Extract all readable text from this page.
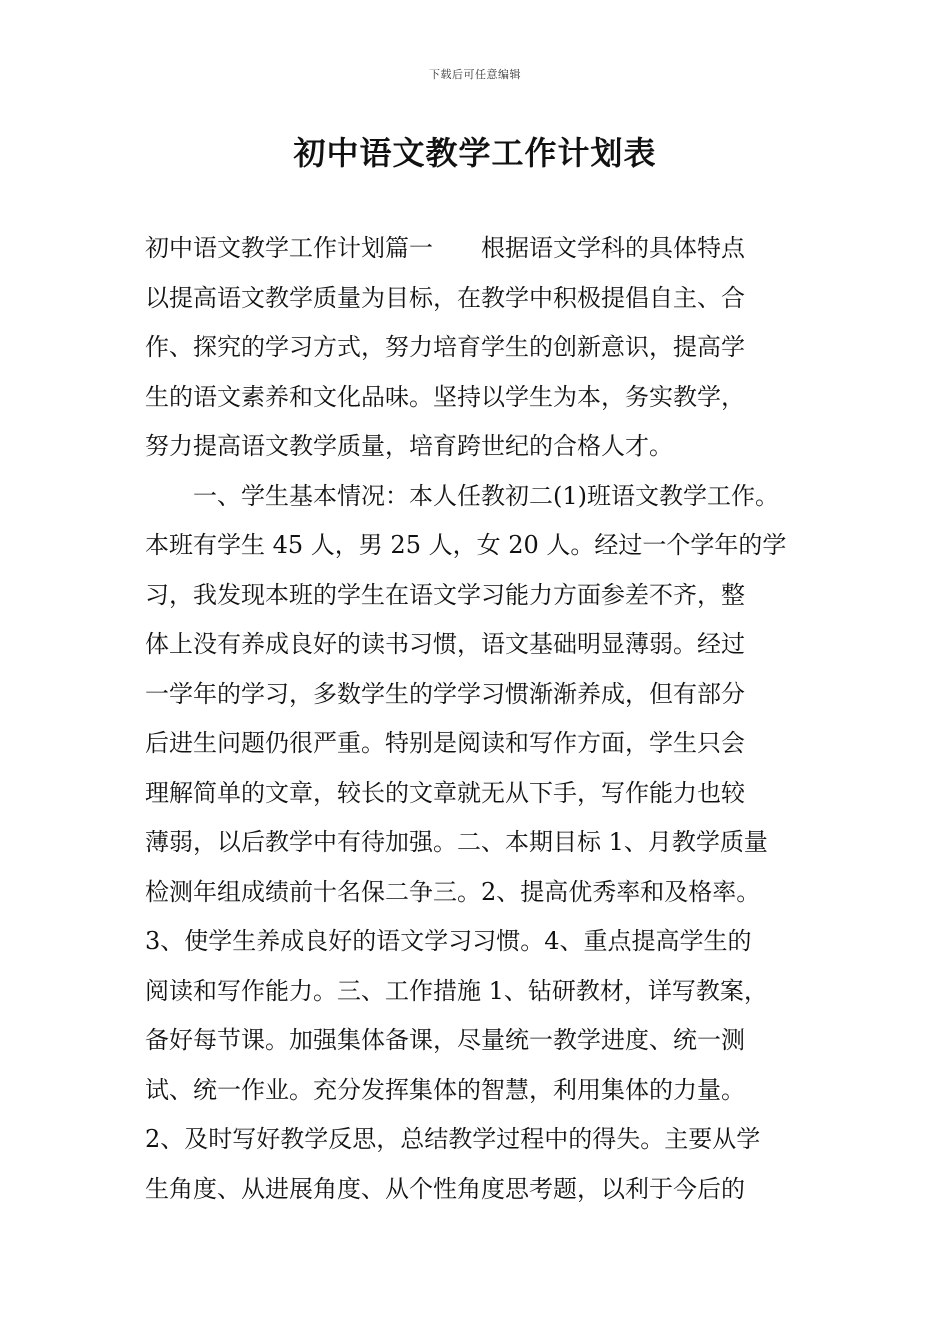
下载后可任意编辑
初中语文教学工作计划表
初中语文教学工作计划篇一　　根据语文学科的具体特点
以提高语文教学质量为目标，在教学中积极提倡自主、合
作、探究的学习方式，努力培育学生的创新意识，提高学
生的语文素养和文化品味。坚持以学生为本，务实教学，
努力提高语文教学质量，培育跨世纪的合格人才。
　　一、学生基本情况：本人任教初二(1)班语文教学工作。
本班有学生 45 人，男 25 人，女 20 人。经过一个学年的学
习，我发现本班的学生在语文学习能力方面参差不齐，整
体上没有养成良好的读书习惯，语文基础明显薄弱。经过
一学年的学习，多数学生的学学习惯渐渐养成，但有部分
后进生问题仍很严重。特别是阅读和写作方面，学生只会
理解简单的文章，较长的文章就无从下手，写作能力也较
薄弱，以后教学中有待加强。二、本期目标 1、月教学质量
检测年组成绩前十名保二争三。2、提高优秀率和及格率。
3、使学生养成良好的语文学习习惯。4、重点提高学生的
阅读和写作能力。三、工作措施 1、钻研教材，详写教案，
备好每节课。加强集体备课，尽量统一教学进度、统一测
试、统一作业。充分发挥集体的智慧，利用集体的力量。
2、及时写好教学反思，总结教学过程中的得失。主要从学
生角度、从进展角度、从个性角度思考题，以利于今后的
